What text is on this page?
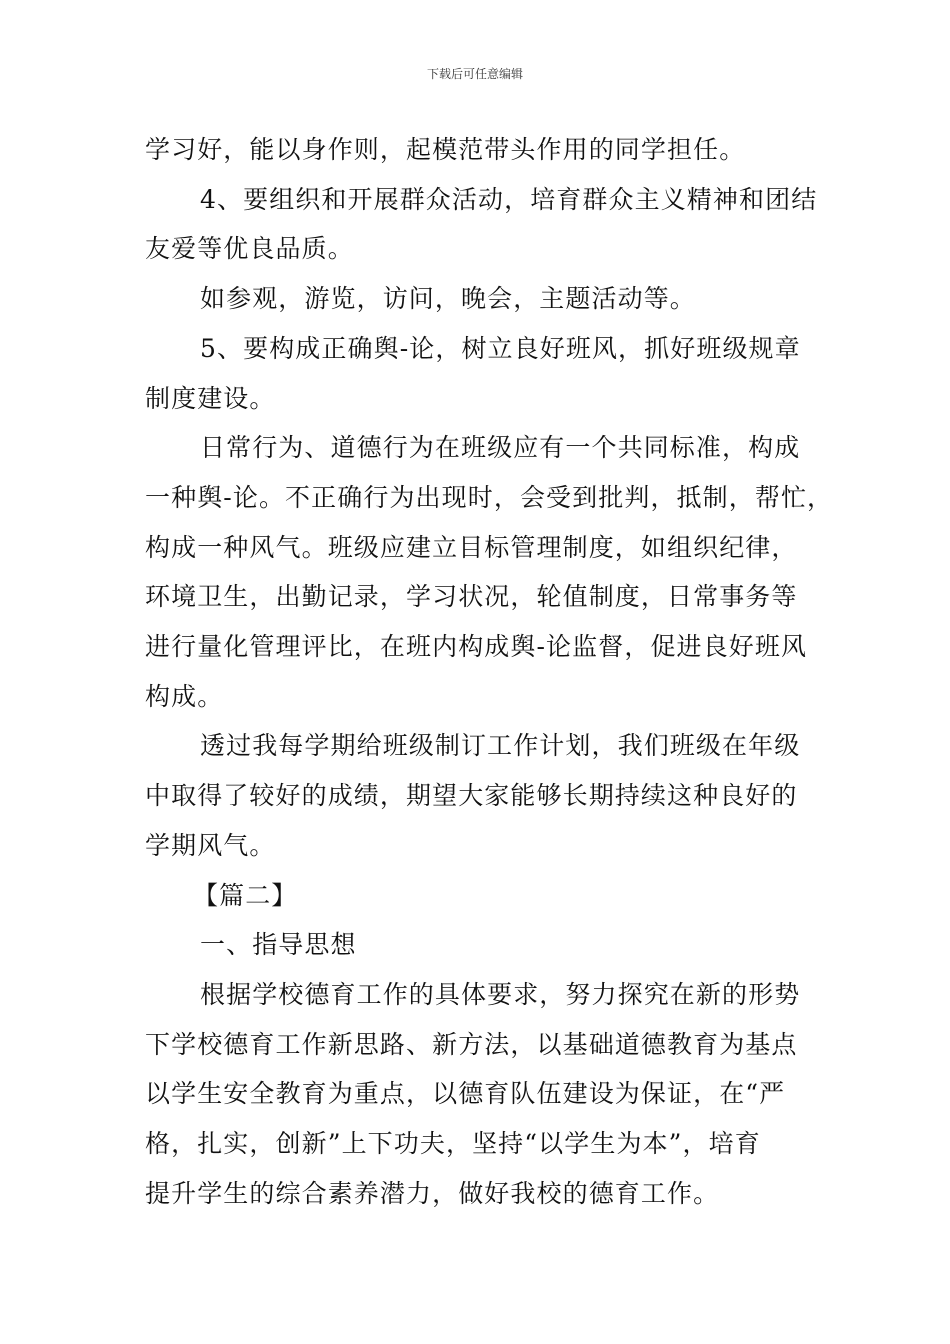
下载后可任意编辑

学习好，能以身作则，起模范带头作用的同学担任。

4、要组织和开展群众活动，培育群众主义精神和团结

友爱等优良品质。

如参观，游览，访问，晚会，主题活动等。

5、要构成正确舆-论，树立良好班风，抓好班级规章

制度建设。

日常行为、道德行为在班级应有一个共同标准，构成

一种舆-论。不正确行为出现时，会受到批判，抵制，帮忙，

构成一种风气。班级应建立目标管理制度，如组织纪律，

环境卫生，出勤记录，学习状况，轮值制度，日常事务等

进行量化管理评比，在班内构成舆-论监督，促进良好班风

构成。

透过我每学期给班级制订工作计划，我们班级在年级

中取得了较好的成绩，期望大家能够长期持续这种良好的

学期风气。

【篇二】

一、指导思想

根据学校德育工作的具体要求，努力探究在新的形势

下学校德育工作新思路、新方法，以基础道德教育为基点

以学生安全教育为重点，以德育队伍建设为保证，在“严

格，扎实，创新”上下功夫，坚持“以学生为本”，培育

提升学生的综合素养潜力，做好我校的德育工作。
